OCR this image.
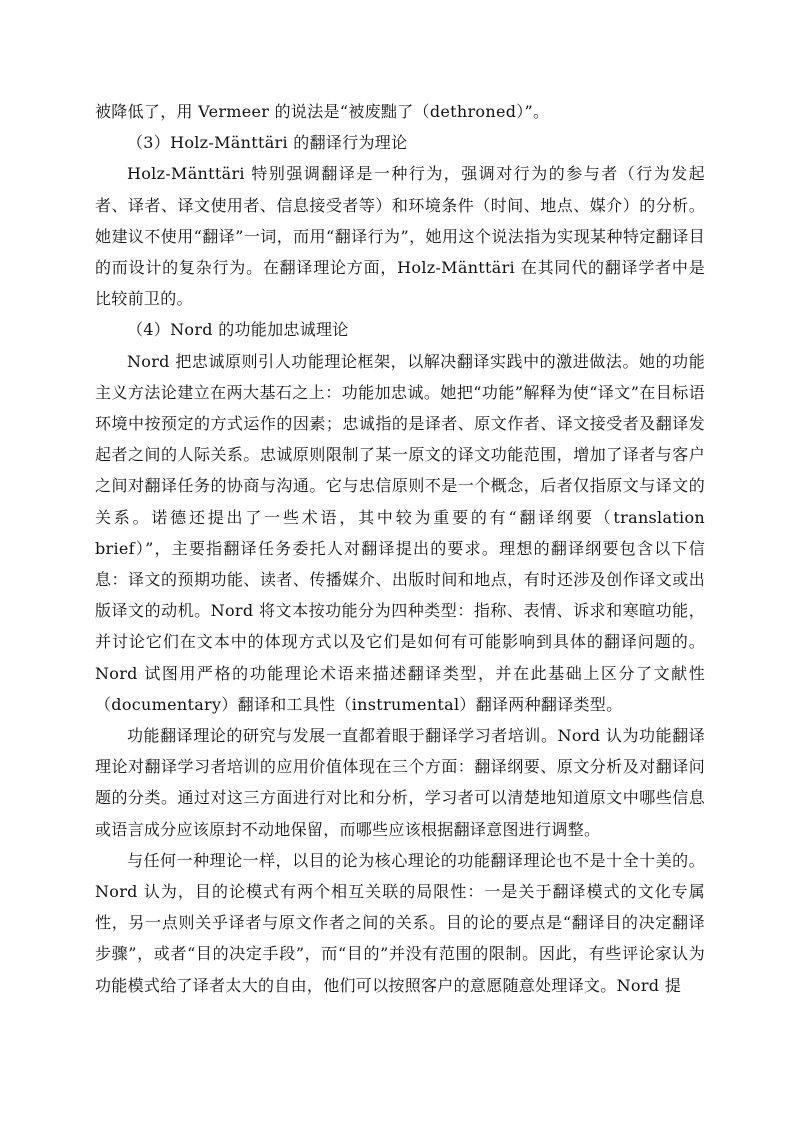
被降低了，用 Vermeer 的说法是“被废黜了（dethroned）”。

（3）Holz-Mänttäri 的翻译行为理论

Holz-Mänttäri 特别强调翻译是一种行为，强调对行为的参与者（行为发起者、译者、译文使用者、信息接受者等）和环境条件（时间、地点、媒介）的分析。她建议不使用“翻译”一词，而用“翻译行为”，她用这个说法指为实现某种特定翻译目的而设计的复杂行为。在翻译理论方面，Holz-Mänttäri 在其同代的翻译学者中是比较前卫的。

（4）Nord 的功能加忠诚理论

Nord 把忠诚原则引人功能理论框架，以解决翻译实践中的激进做法。她的功能主义方法论建立在两大基石之上：功能加忠诚。她把“功能”解释为使“译文”在目标语环境中按预定的方式运作的因素；忠诚指的是译者、原文作者、译文接受者及翻译发起者之间的人际关系。忠诚原则限制了某一原文的译文功能范围，增加了译者与客户之间对翻译任务的协商与沟通。它与忠信原则不是一个概念，后者仅指原文与译文的关系。诺德还提出了一些术语，其中较为重要的有“翻译纲要（translation brief）”，主要指翻译任务委托人对翻译提出的要求。理想的翻译纲要包含以下信息：译文的预期功能、读者、传播媒介、出版时间和地点，有时还涉及创作译文或出版译文的动机。Nord 将文本按功能分为四种类型：指称、表情、诉求和寒暄功能，并讨论它们在文本中的体现方式以及它们是如何有可能影响到具体的翻译问题的。Nord 试图用严格的功能理论术语来描述翻译类型，并在此基础上区分了文献性（documentary）翻译和工具性（instrumental）翻译两种翻译类型。

功能翻译理论的研究与发展一直都着眼于翻译学习者培训。Nord 认为功能翻译理论对翻译学习者培训的应用价值体现在三个方面：翻译纲要、原文分析及对翻译问题的分类。通过对这三方面进行对比和分析，学习者可以清楚地知道原文中哪些信息或语言成分应该原封不动地保留，而哪些应该根据翻译意图进行调整。

与任何一种理论一样，以目的论为核心理论的功能翻译理论也不是十全十美的。Nord 认为，目的论模式有两个相互关联的局限性：一是关于翻译模式的文化专属性，另一点则关乎译者与原文作者之间的关系。目的论的要点是“翻译目的决定翻译步骤”，或者“目的决定手段”，而“目的”并没有范围的限制。因此，有些评论家认为功能模式给了译者太大的自由，他们可以按照客户的意愿随意处理译文。Nord 提
